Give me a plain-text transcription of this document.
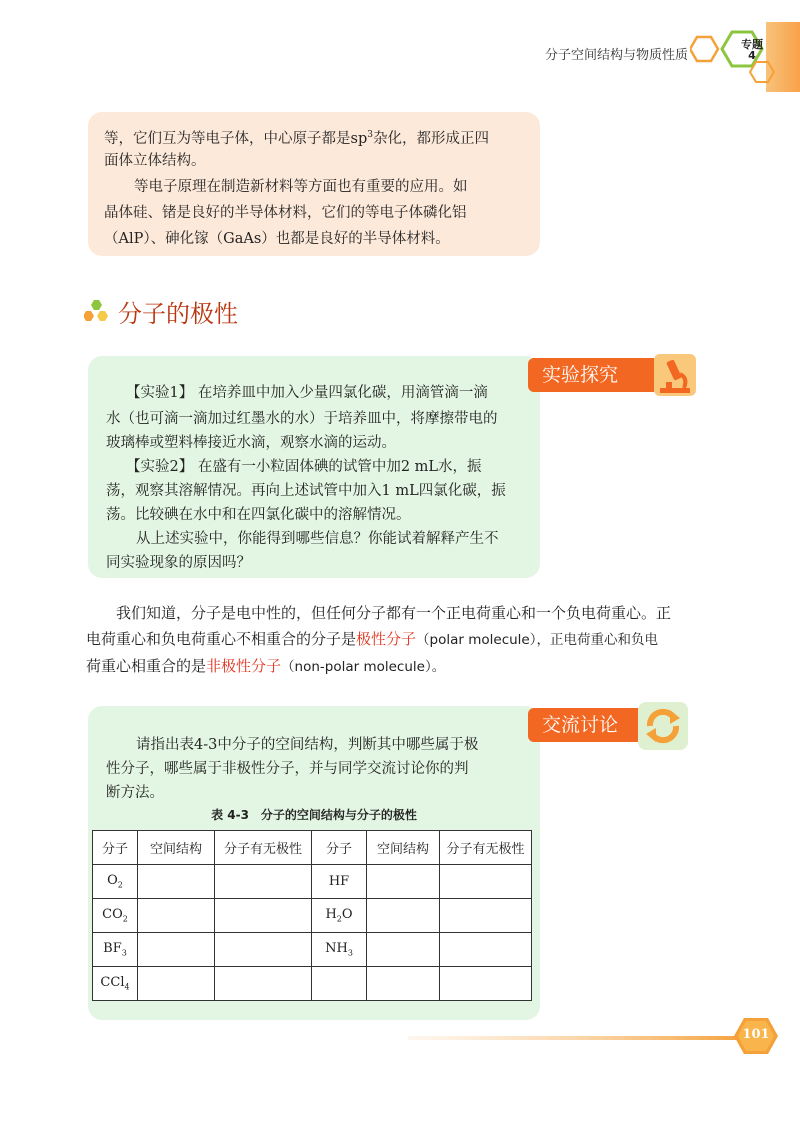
分子空间结构与物质性质
专题
4

等，它们互为等电子体，中心原子都是$sp^3$杂化，都形成正四

面体立体结构。

等电子原理在制造新材料等方面也有重要的应用。如

晶体硅、锗是良好的半导体材料，它们的等电子体磷化铝

（AlP）、砷化镓（GaAs）也都是良好的半导体材料。

分子的极性

【实验1】 在培养皿中加入少量四氯化碳，用滴管滴一滴

水（也可滴一滴加过红墨水的水）于培养皿中，将摩擦带电的

玻璃棒或塑料棒接近水滴，观察水滴的运动。

【实验2】 在盛有一小粒固体碘的试管中加2 mL水，振

荡，观察其溶解情况。再向上述试管中加入1 mL四氯化碳，振

荡。比较碘在水中和在四氯化碳中的溶解情况。

从上述实验中，你能得到哪些信息？你能试着解释产生不

同实验现象的原因吗？

实验探究
我们知道，分子是电中性的，但任何分子都有一个正电荷重心和一个负电荷重心。正
电荷重心和负电荷重心不相重合的分子是极性分子（polar molecule），正电荷重心和负电
荷重心相重合的是非极性分子（non-polar molecule）。

请指出表4-3中分子的空间结构，判断其中哪些属于极

性分子，哪些属于非极性分子，并与同学交流讨论你的判

断方法。

表 4-3　分子的空间结构与分子的极性
分子	空间结构	分子有无极性	分子	空间结构	分子有无极性
$O_2$			HF		
$CO_2$			$H_2O$		
$BF_3$			$NH_3$		
CCl$_4$					
交流讨论
101
